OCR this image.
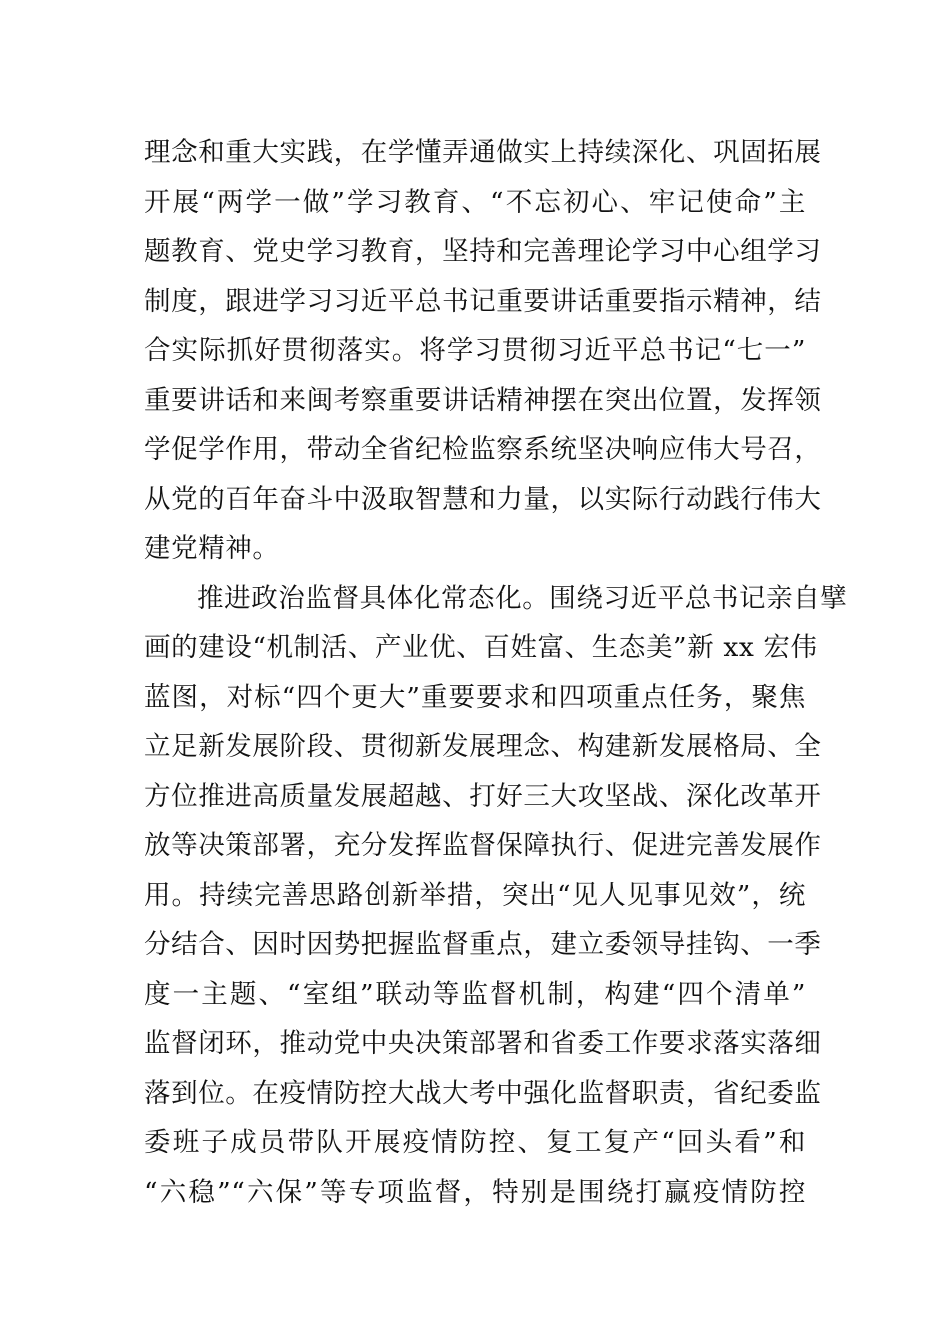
理念和重大实践，在学懂弄通做实上持续深化、巩固拓展
开展“两学一做”学习教育、“不忘初心、牢记使命”主
题教育、党史学习教育，坚持和完善理论学习中心组学习
制度，跟进学习习近平总书记重要讲话重要指示精神，结
合实际抓好贯彻落实。将学习贯彻习近平总书记“七一”
重要讲话和来闽考察重要讲话精神摆在突出位置，发挥领
学促学作用，带动全省纪检监察系统坚决响应伟大号召，
从党的百年奋斗中汲取智慧和力量，以实际行动践行伟大
建党精神。
推进政治监督具体化常态化。围绕习近平总书记亲自擘
画的建设“机制活、产业优、百姓富、生态美”新 xx 宏伟
蓝图，对标“四个更大”重要要求和四项重点任务，聚焦
立足新发展阶段、贯彻新发展理念、构建新发展格局、全
方位推进高质量发展超越、打好三大攻坚战、深化改革开
放等决策部署，充分发挥监督保障执行、促进完善发展作
用。持续完善思路创新举措，突出“见人见事见效”，统
分结合、因时因势把握监督重点，建立委领导挂钩、一季
度一主题、“室组”联动等监督机制，构建“四个清单”
监督闭环，推动党中央决策部署和省委工作要求落实落细
落到位。在疫情防控大战大考中强化监督职责，省纪委监
委班子成员带队开展疫情防控、复工复产“回头看”和
“六稳”“六保”等专项监督，特别是围绕打赢疫情防控
